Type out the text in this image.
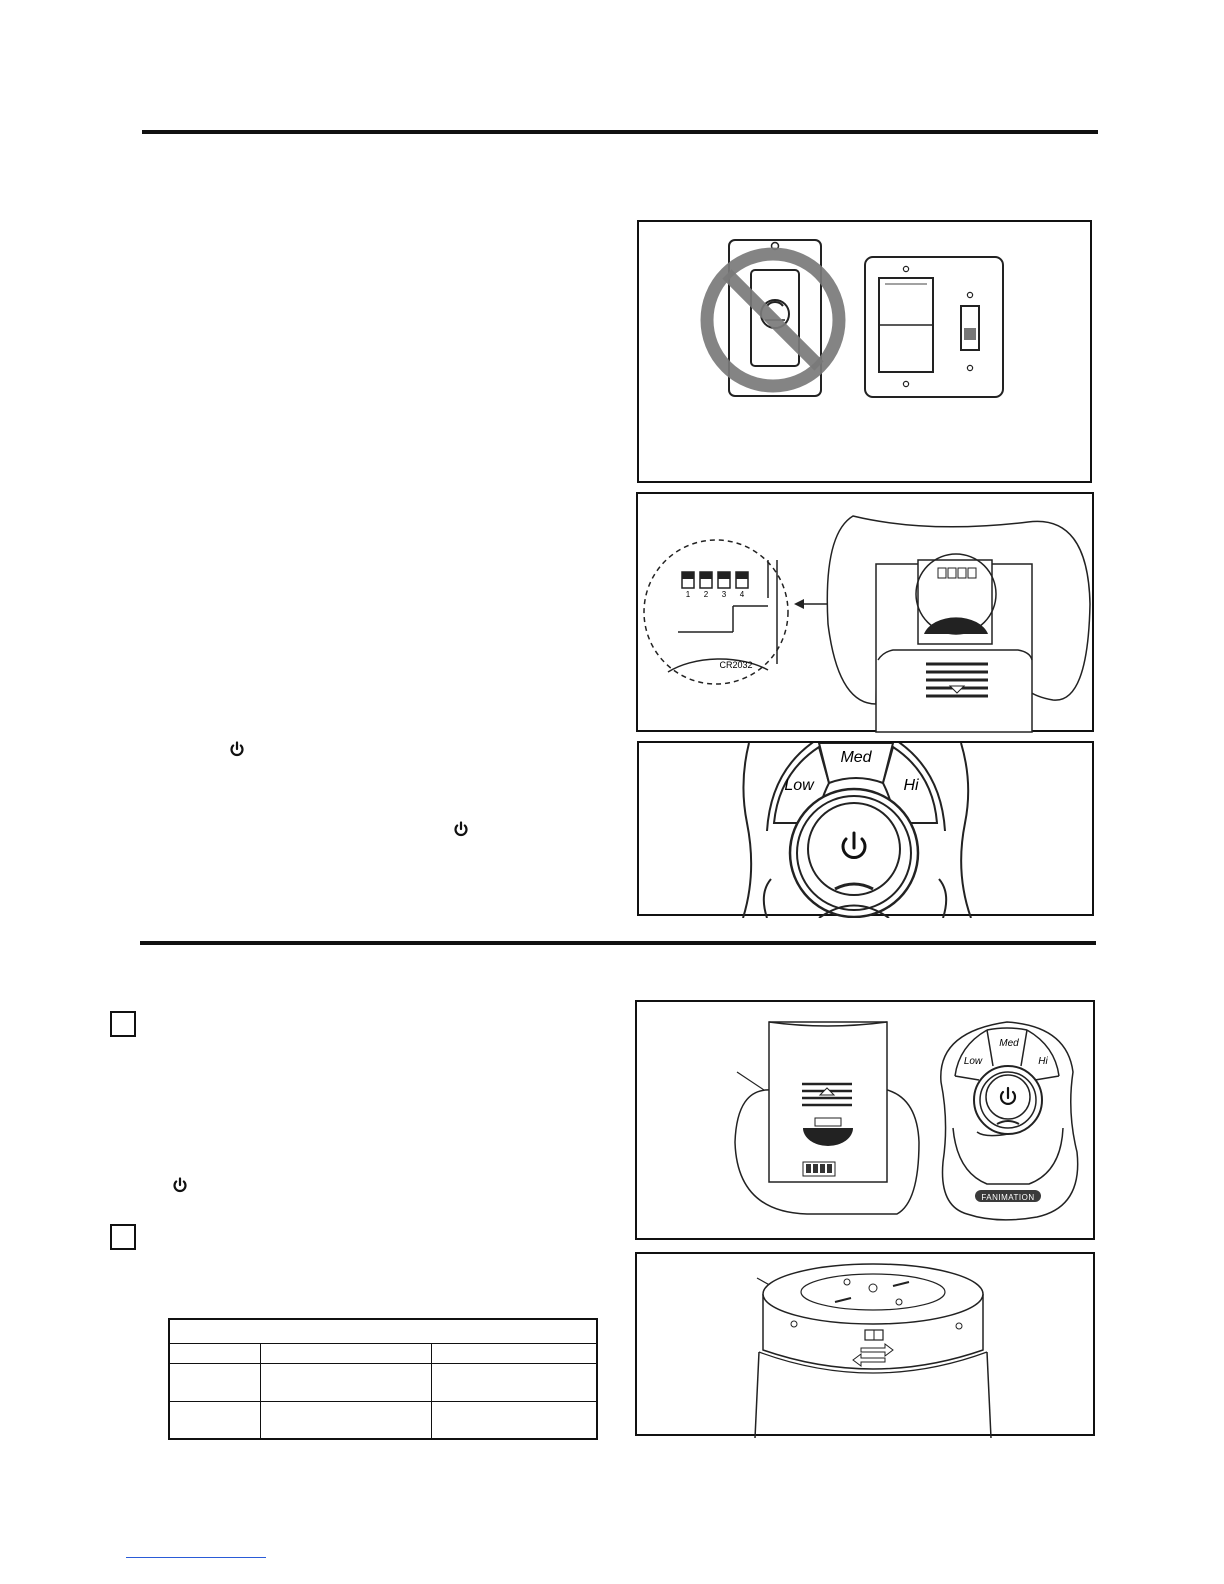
1 2 3 4
CR2032
Low
Med
Hi

Low
Med
Hi
FANIMATION
